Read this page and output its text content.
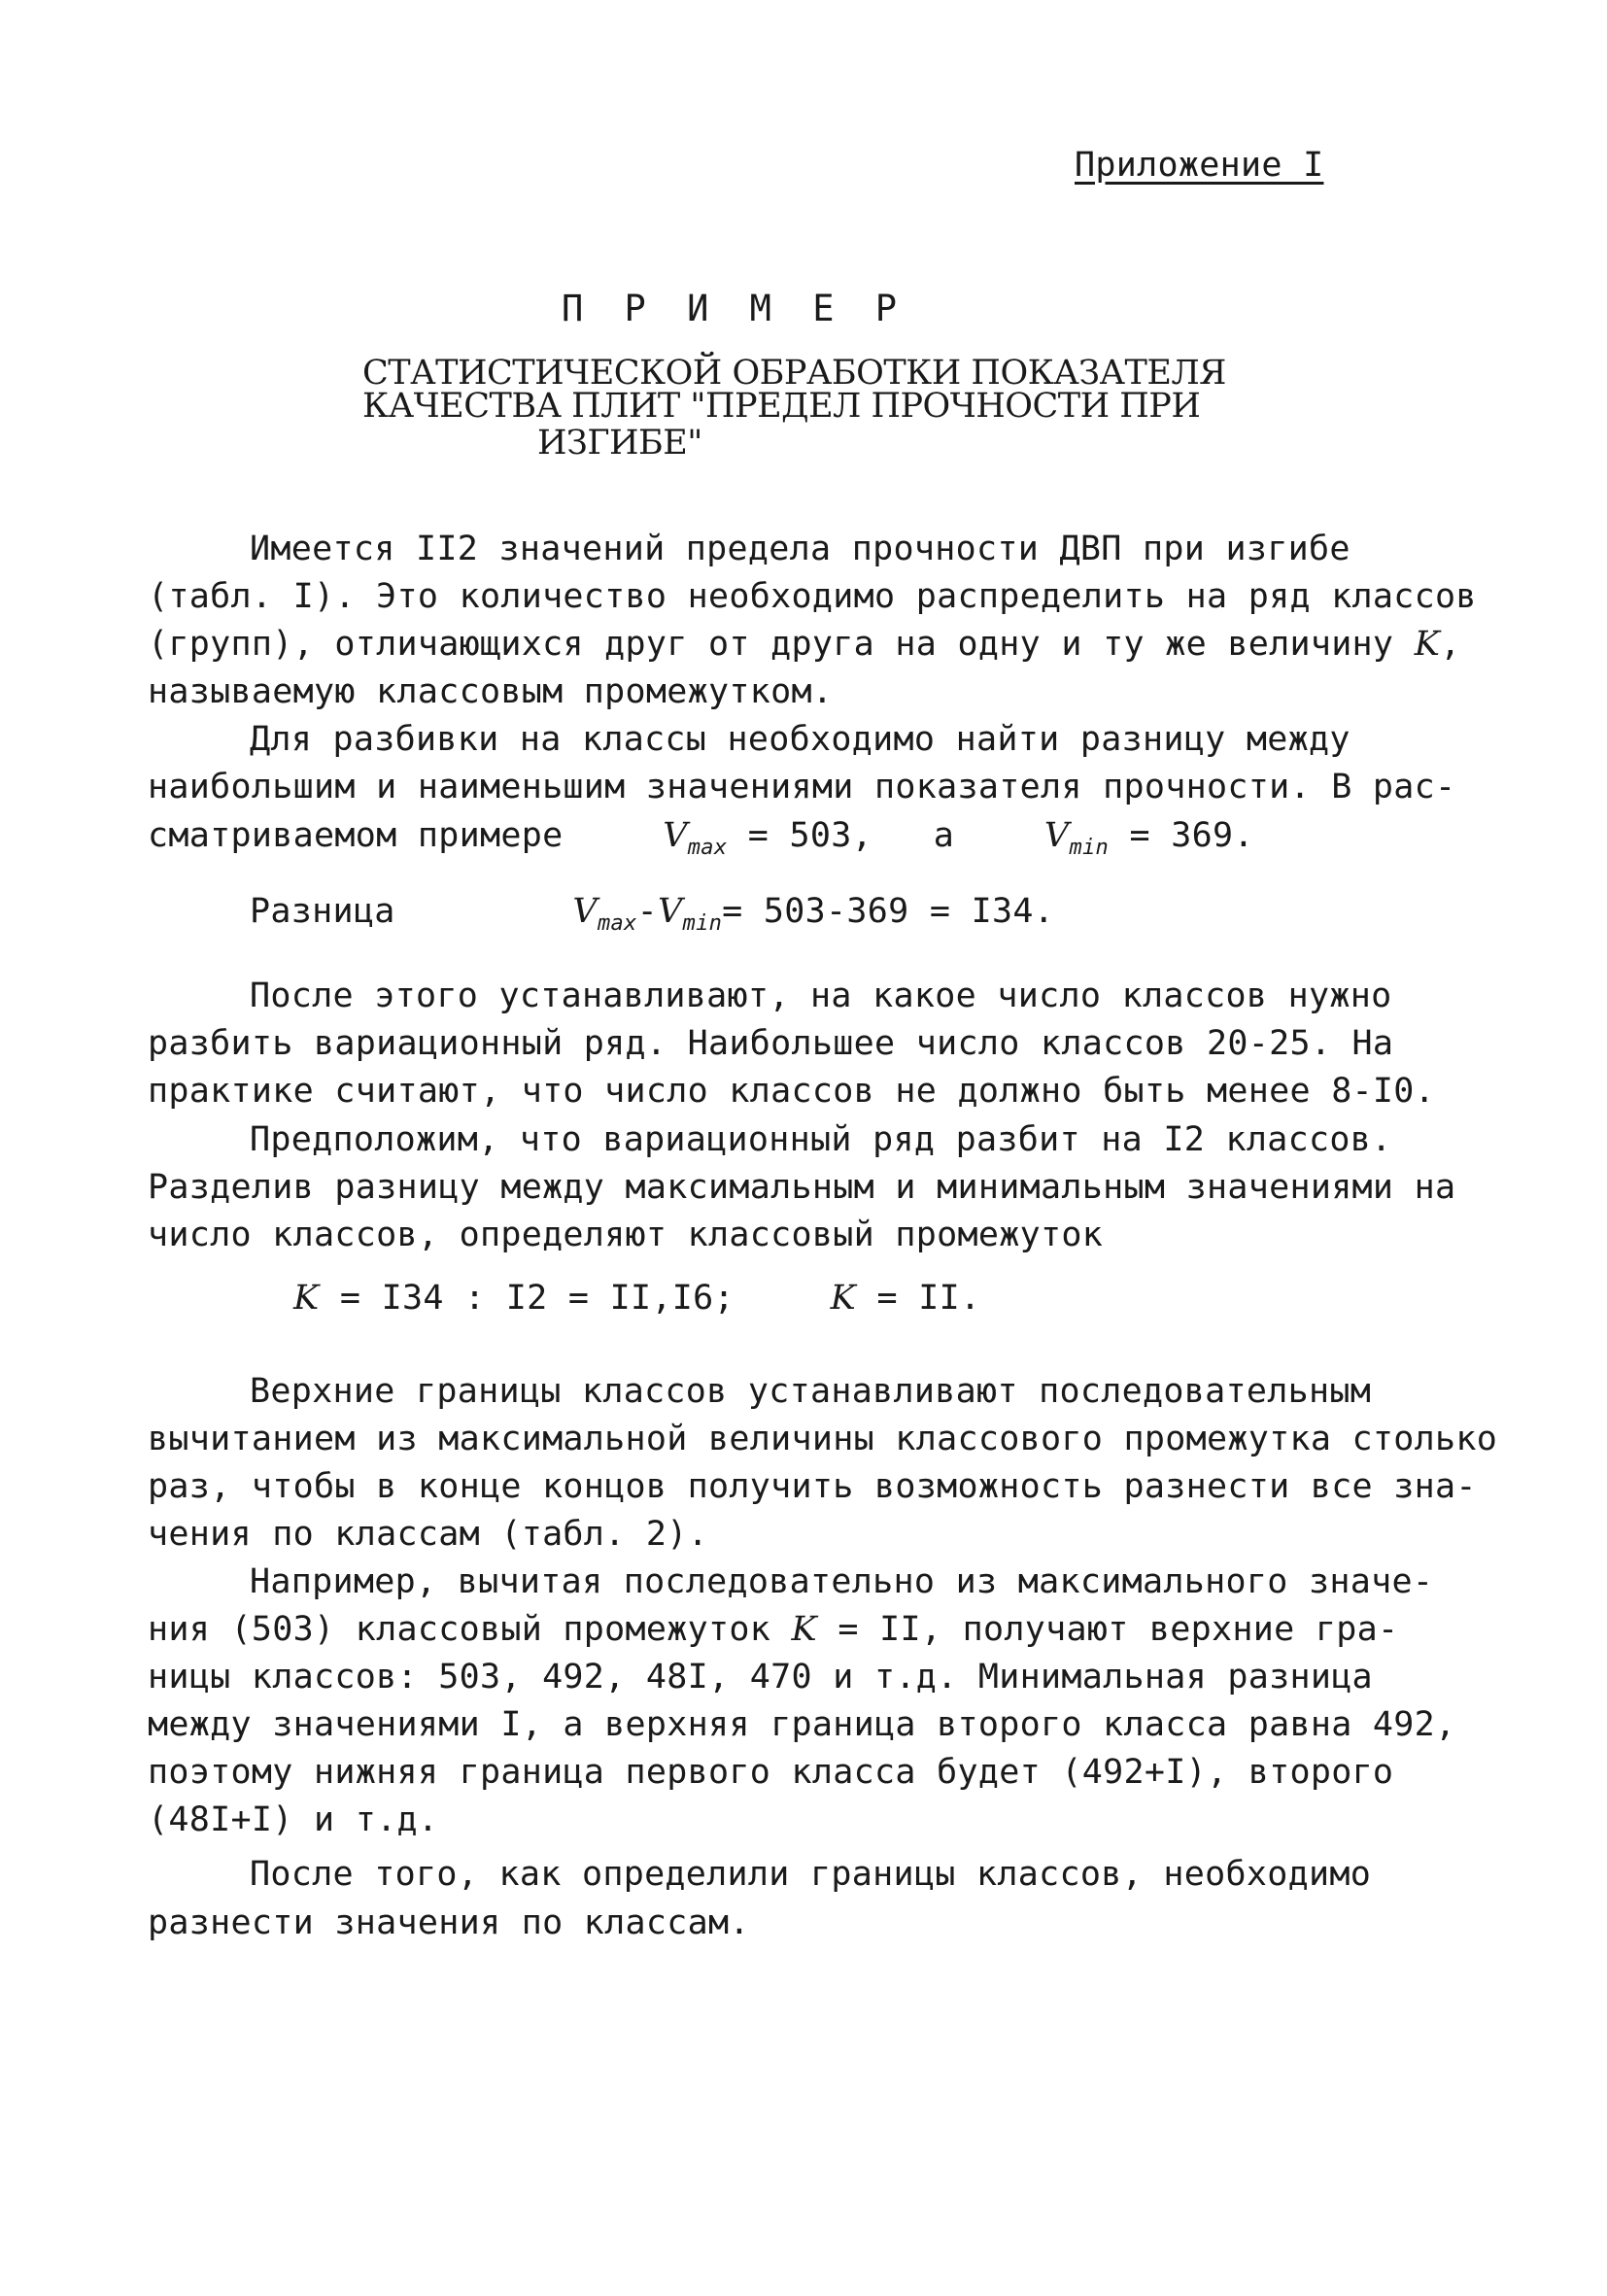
Приложение I
П Р И М Е Р
СТАТИСТИЧЕСКОЙ ОБРАБОТКИ ПОКАЗАТЕЛЯ
КАЧЕСТВА ПЛИТ "ПРЕДЕЛ ПРОЧНОСТИ ПРИ
ИЗГИБЕ"
Имеется II2 значений предела прочности ДВП при изгибе
(табл. I). Это количество необходимо распределить на ряд классов
(групп), отличающихся друг от друга на одну и ту же величину K,
называемую классовым промежутком.
Для разбивки на классы необходимо найти разницу между
наибольшим и наименьшим значениями показателя прочности. В рас-
сматриваемом примере	$V_{max} = 503$, а	$V_{min} = 369$.
Разница	$V_{max}-V_{min}= 503-369 = I34$.
После этого устанавливают, на какое число классов нужно
разбить вариационный ряд. Наибольшее число классов 20-25. На
практике считают, что число классов не должно быть менее 8-I0.
Предположим, что вариационный ряд разбит на I2 классов.
Разделив разницу между максимальным и минимальным значениями на
число классов, определяют классовый промежуток
K = I34 : I2 = II,I6;	K = II.
Верхние границы классов устанавливают последовательным
вычитанием из максимальной величины классового промежутка столько
раз, чтобы в конце концов получить возможность разнести все зна-
чения по классам (табл. 2).
Например, вычитая последовательно из максимального значе-
ния (503) классовый промежуток K = II, получают верхние гра-
ницы классов: 503, 492, 48I, 470 и т.д. Минимальная разница
между значениями I, а верхняя граница второго класса равна 492,
поэтому нижняя граница первого класса будет (492+I), второго
(48I+I) и т.д.
После того, как определили границы классов, необходимо
разнести значения по классам.
